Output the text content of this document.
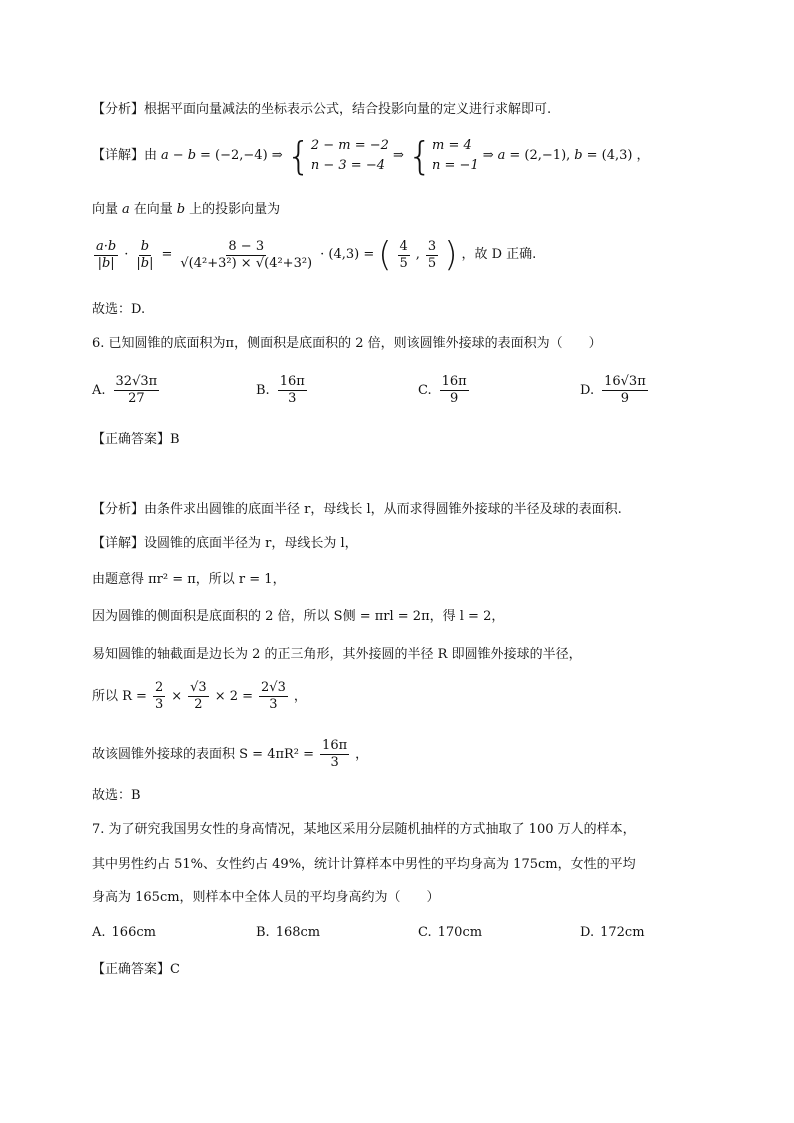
【分析】根据平面向量减法的坐标表示公式，结合投影向量的定义进行求解即可.
【详解】由 a − b = (−2,−4) ⇒ { 2 − m = −2
n − 3 = −4
⇒ { m = 4
n = −1
⇒ a = (2,−1), b = (4,3) ，
向量 a 在向量 b 上的投影向量为
$\frac{a\cdot b}{|b|} \cdot \frac{b}{|b|} = \frac{8 - 3}{\text{√(4²+3²) × √(4²+3²)}} \cdot (4,3)$ = ( $\frac{4}{5}$ , $\frac{3}{5}$ ) ，故 D 正确.
故选：D.
6. 已知圆锥的底面积为π，侧面积是底面积的 2 倍，则该圆锥外接球的表面积为（　　）
A. $\frac{32√3\pi}{27}$	B. $\frac{16\pi}{3}$	C. $\frac{16\pi}{9}$	D. $\frac{16√3\pi}{9}$
【正确答案】B
【分析】由条件求出圆锥的底面半径 r，母线长 l，从而求得圆锥外接球的半径及球的表面积.
【详解】设圆锥的底面半径为 r，母线长为 l，
由题意得 πr² = π，所以 r = 1，
因为圆锥的侧面积是底面积的 2 倍，所以 S侧 = πrl = 2π，得 l = 2，
易知圆锥的轴截面是边长为 2 的正三角形，其外接圆的半径 R 即圆锥外接球的半径，
所以 $R = \frac{2}{3} \times \frac{√3}{2} \times 2 = \frac{2√3}{3}$ ，
故该圆锥外接球的表面积 $S = 4\pi R^2 = \frac{16\pi}{3}$ ，
故选：B
7. 为了研究我国男女性的身高情况，某地区采用分层随机抽样的方式抽取了 100 万人的样本，
其中男性约占 51%、女性约占 49%，统计计算样本中男性的平均身高为 175cm，女性的平均
身高为 165cm，则样本中全体人员的平均身高约为（　　）
A. 166cm	B. 168cm	C. 170cm	D. 172cm
【正确答案】C
